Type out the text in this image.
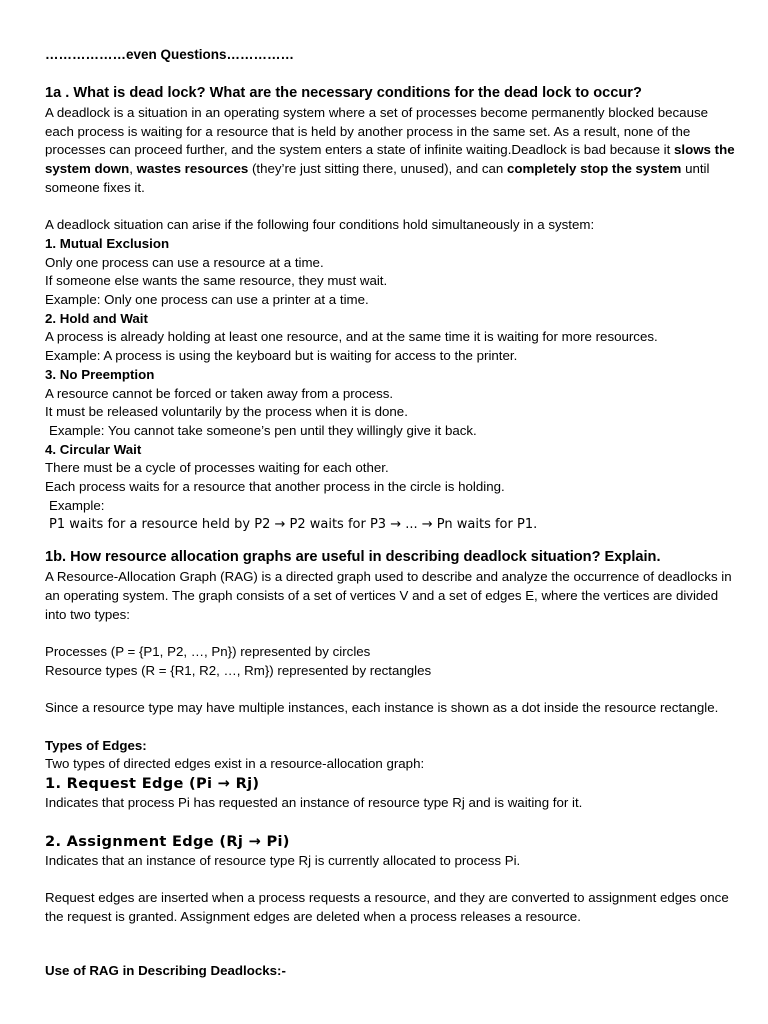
………………even Questions……………
1a . What is dead lock? What are the necessary conditions for the dead lock to occur?

A deadlock is a situation in an operating system where a set of processes become permanently blocked because each process is waiting for a resource that is held by another process in the same set. As a result, none of the processes can proceed further, and the system enters a state of infinite waiting.Deadlock is bad because it slows the system down, wastes resources (they’re just sitting there, unused), and can completely stop the system until someone fixes it.

A deadlock situation can arise if the following four conditions hold simultaneously in a system:

1. Mutual Exclusion

Only one process can use a resource at a time.

If someone else wants the same resource, they must wait.

Example: Only one process can use a printer at a time.

2. Hold and Wait

A process is already holding at least one resource, and at the same time it is waiting for more resources.

Example: A process is using the keyboard but is waiting for access to the printer.

3. No Preemption

A resource cannot be forced or taken away from a process.

It must be released voluntarily by the process when it is done.

Example: You cannot take someone’s pen until they willingly give it back.

4. Circular Wait

There must be a cycle of processes waiting for each other.

Each process waits for a resource that another process in the circle is holding.

Example:

P1 waits for a resource held by P2 → P2 waits for P3 → ... → Pn waits for P1.

1b. How resource allocation graphs are useful in describing deadlock situation? Explain.

A Resource-Allocation Graph (RAG) is a directed graph used to describe and analyze the occurrence of deadlocks in an operating system. The graph consists of a set of vertices V and a set of edges E, where the vertices are divided into two types:

Processes (P = {P1, P2, …, Pn}) represented by circles

Resource types (R = {R1, R2, …, Rm}) represented by rectangles

Since a resource type may have multiple instances, each instance is shown as a dot inside the resource rectangle.

Types of Edges:

Two types of directed edges exist in a resource-allocation graph:

1. Request Edge (Pi → Rj)

Indicates that process Pi has requested an instance of resource type Rj and is waiting for it.

2. Assignment Edge (Rj → Pi)

Indicates that an instance of resource type Rj is currently allocated to process Pi.

Request edges are inserted when a process requests a resource, and they are converted to assignment edges once the request is granted. Assignment edges are deleted when a process releases a resource.

Use of RAG in Describing Deadlocks:-
